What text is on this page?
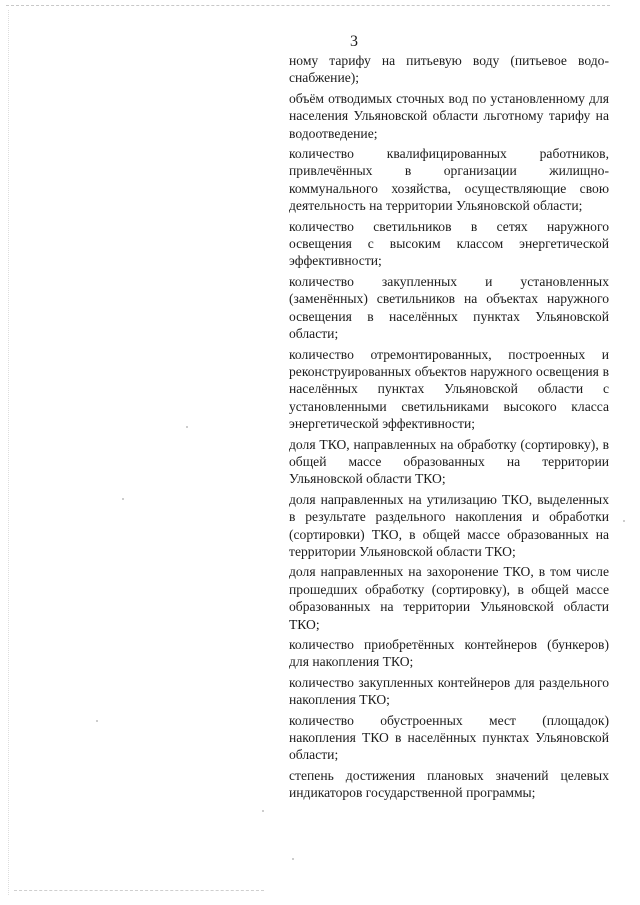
3

ному тарифу на питьевую воду (питьевое водоснабжение);

объём отводимых сточных вод по установленному для населения Ульяновской области льготному тарифу на водоотведение;

количество квалифицированных работников, привлечённых в организации жилищно-коммунального хозяйства, осуществляющие свою деятельность на территории Ульяновской области;

количество светильников в сетях наружного освещения с высоким классом энергетической эффективности;

количество закупленных и установленных (заменённых) светильников на объектах наружного освещения в населённых пунктах Ульяновской области;

количество отремонтированных, построенных и реконструированных объектов наружного освещения в населённых пунктах Ульяновской области с установленными светильниками высокого класса энергетической эффективности;

доля ТКО, направленных на обработку (сортировку), в общей массе образованных на территории Ульяновской области ТКО;

доля направленных на утилизацию ТКО, выделенных в результате раздельного накопления и обработки (сортировки) ТКО, в общей массе образованных на территории Ульяновской области ТКО;

доля направленных на захоронение ТКО, в том числе прошедших обработку (сортировку), в общей массе образованных на территории Ульяновской области ТКО;

количество приобретённых контейнеров (бункеров) для накопления ТКО;

количество закупленных контейнеров для раздельного накопления ТКО;

количество обустроенных мест (площадок) накопления ТКО в населённых пунктах Ульяновской области;

степень достижения плановых значений целевых индикаторов государственной программы;
